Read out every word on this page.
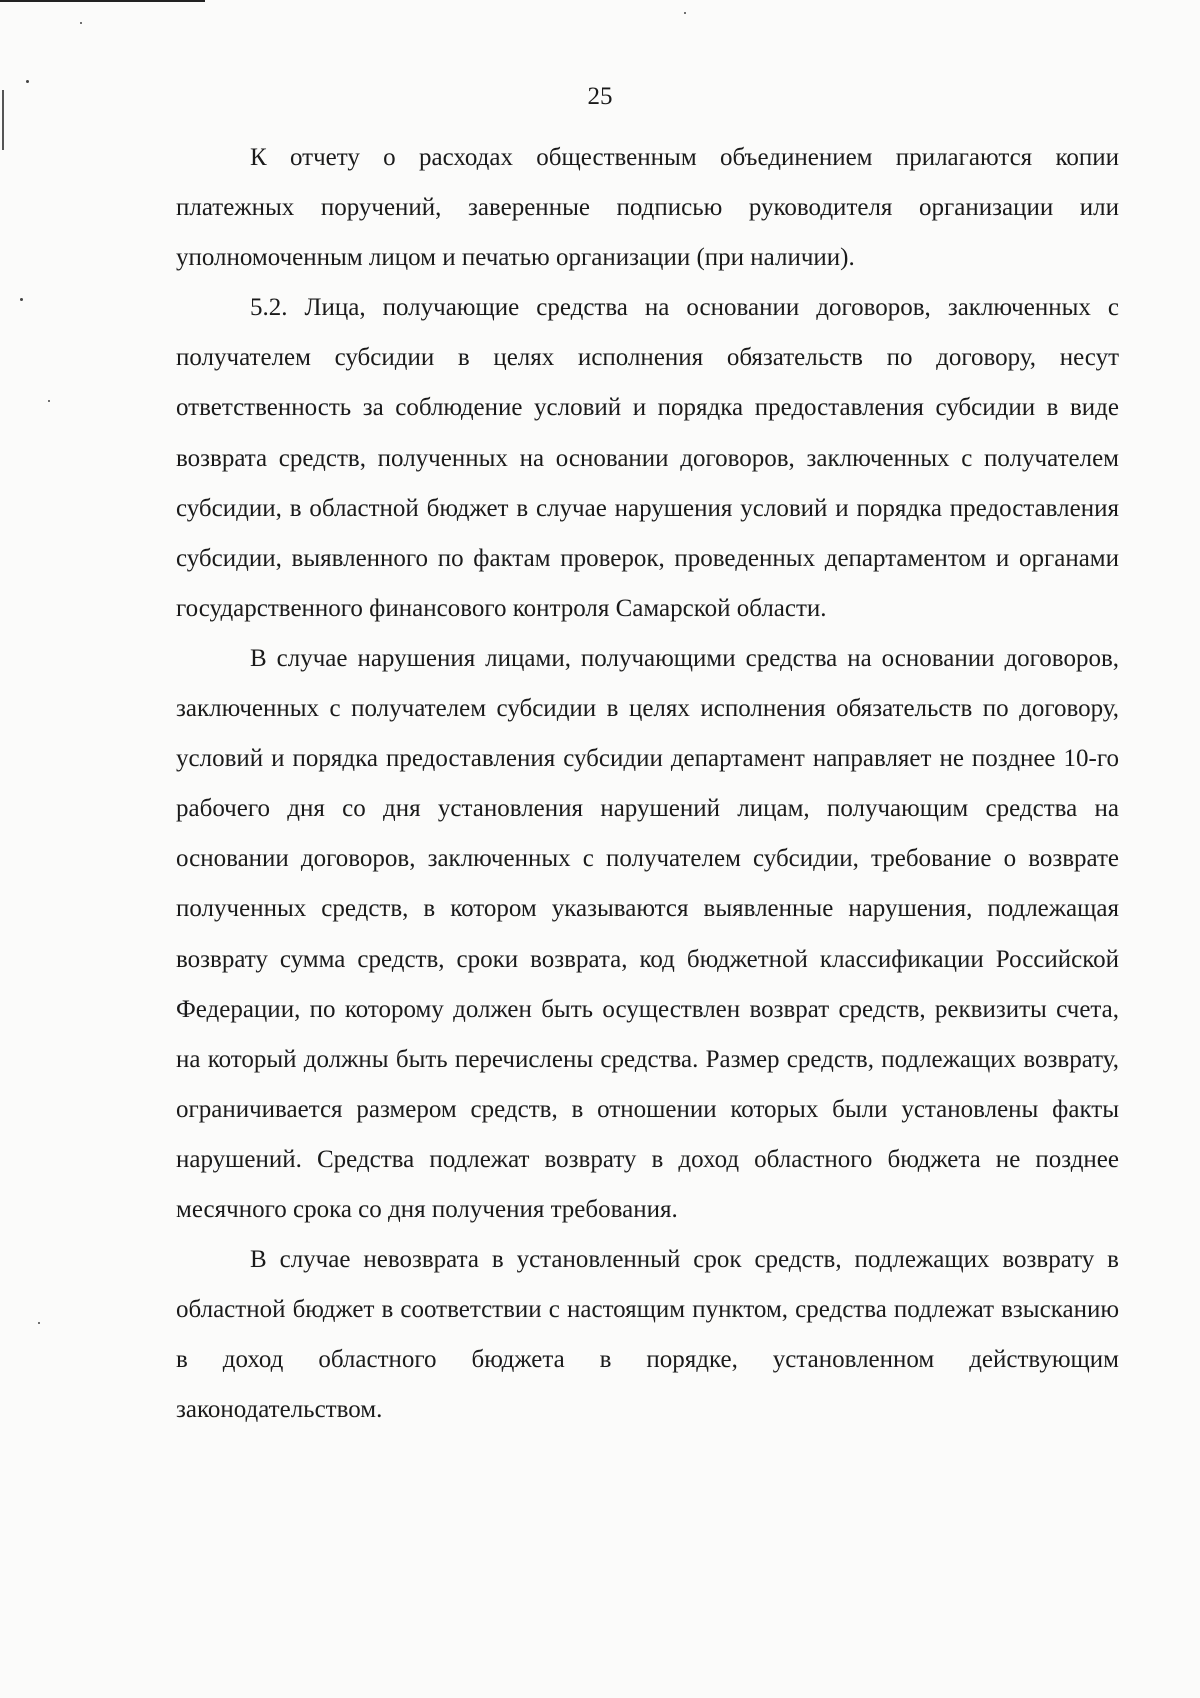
25

К отчету о расходах общественным объединением прилагаются копии платежных поручений, заверенные подписью руководителя организации или уполномоченным лицом и печатью организации (при наличии).

5.2. Лица, получающие средства на основании договоров, заключенных с получателем субсидии в целях исполнения обязательств по договору, несут ответственность за соблюдение условий и порядка предоставления субсидии в виде возврата средств, полученных на основании договоров, заключенных с получателем субсидии, в областной бюджет в случае нарушения условий и порядка предоставления субсидии, выявленного по фактам проверок, проведенных департаментом и органами государственного финансового контроля Самарской области.

В случае нарушения лицами, получающими средства на основании договоров, заключенных с получателем субсидии в целях исполнения обязательств по договору, условий и порядка предоставления субсидии департамент направляет не позднее 10-го рабочего дня со дня установления нарушений лицам, получающим средства на основании договоров, заключенных с получателем субсидии, требование о возврате полученных средств, в котором указываются выявленные нарушения, подлежащая возврату сумма средств, сроки возврата, код бюджетной классификации Российской Федерации, по которому должен быть осуществлен возврат средств, реквизиты счета, на который должны быть перечислены средства. Размер средств, подлежащих возврату, ограничивается размером средств, в отношении которых были установлены факты нарушений. Средства подлежат возврату в доход областного бюджета не позднее месячного срока со дня получения требования.

В случае невозврата в установленный срок средств, подлежащих возврату в областной бюджет в соответствии с настоящим пунктом, средства подлежат взысканию в доход областного бюджета в порядке, установленном действующим законодательством.
